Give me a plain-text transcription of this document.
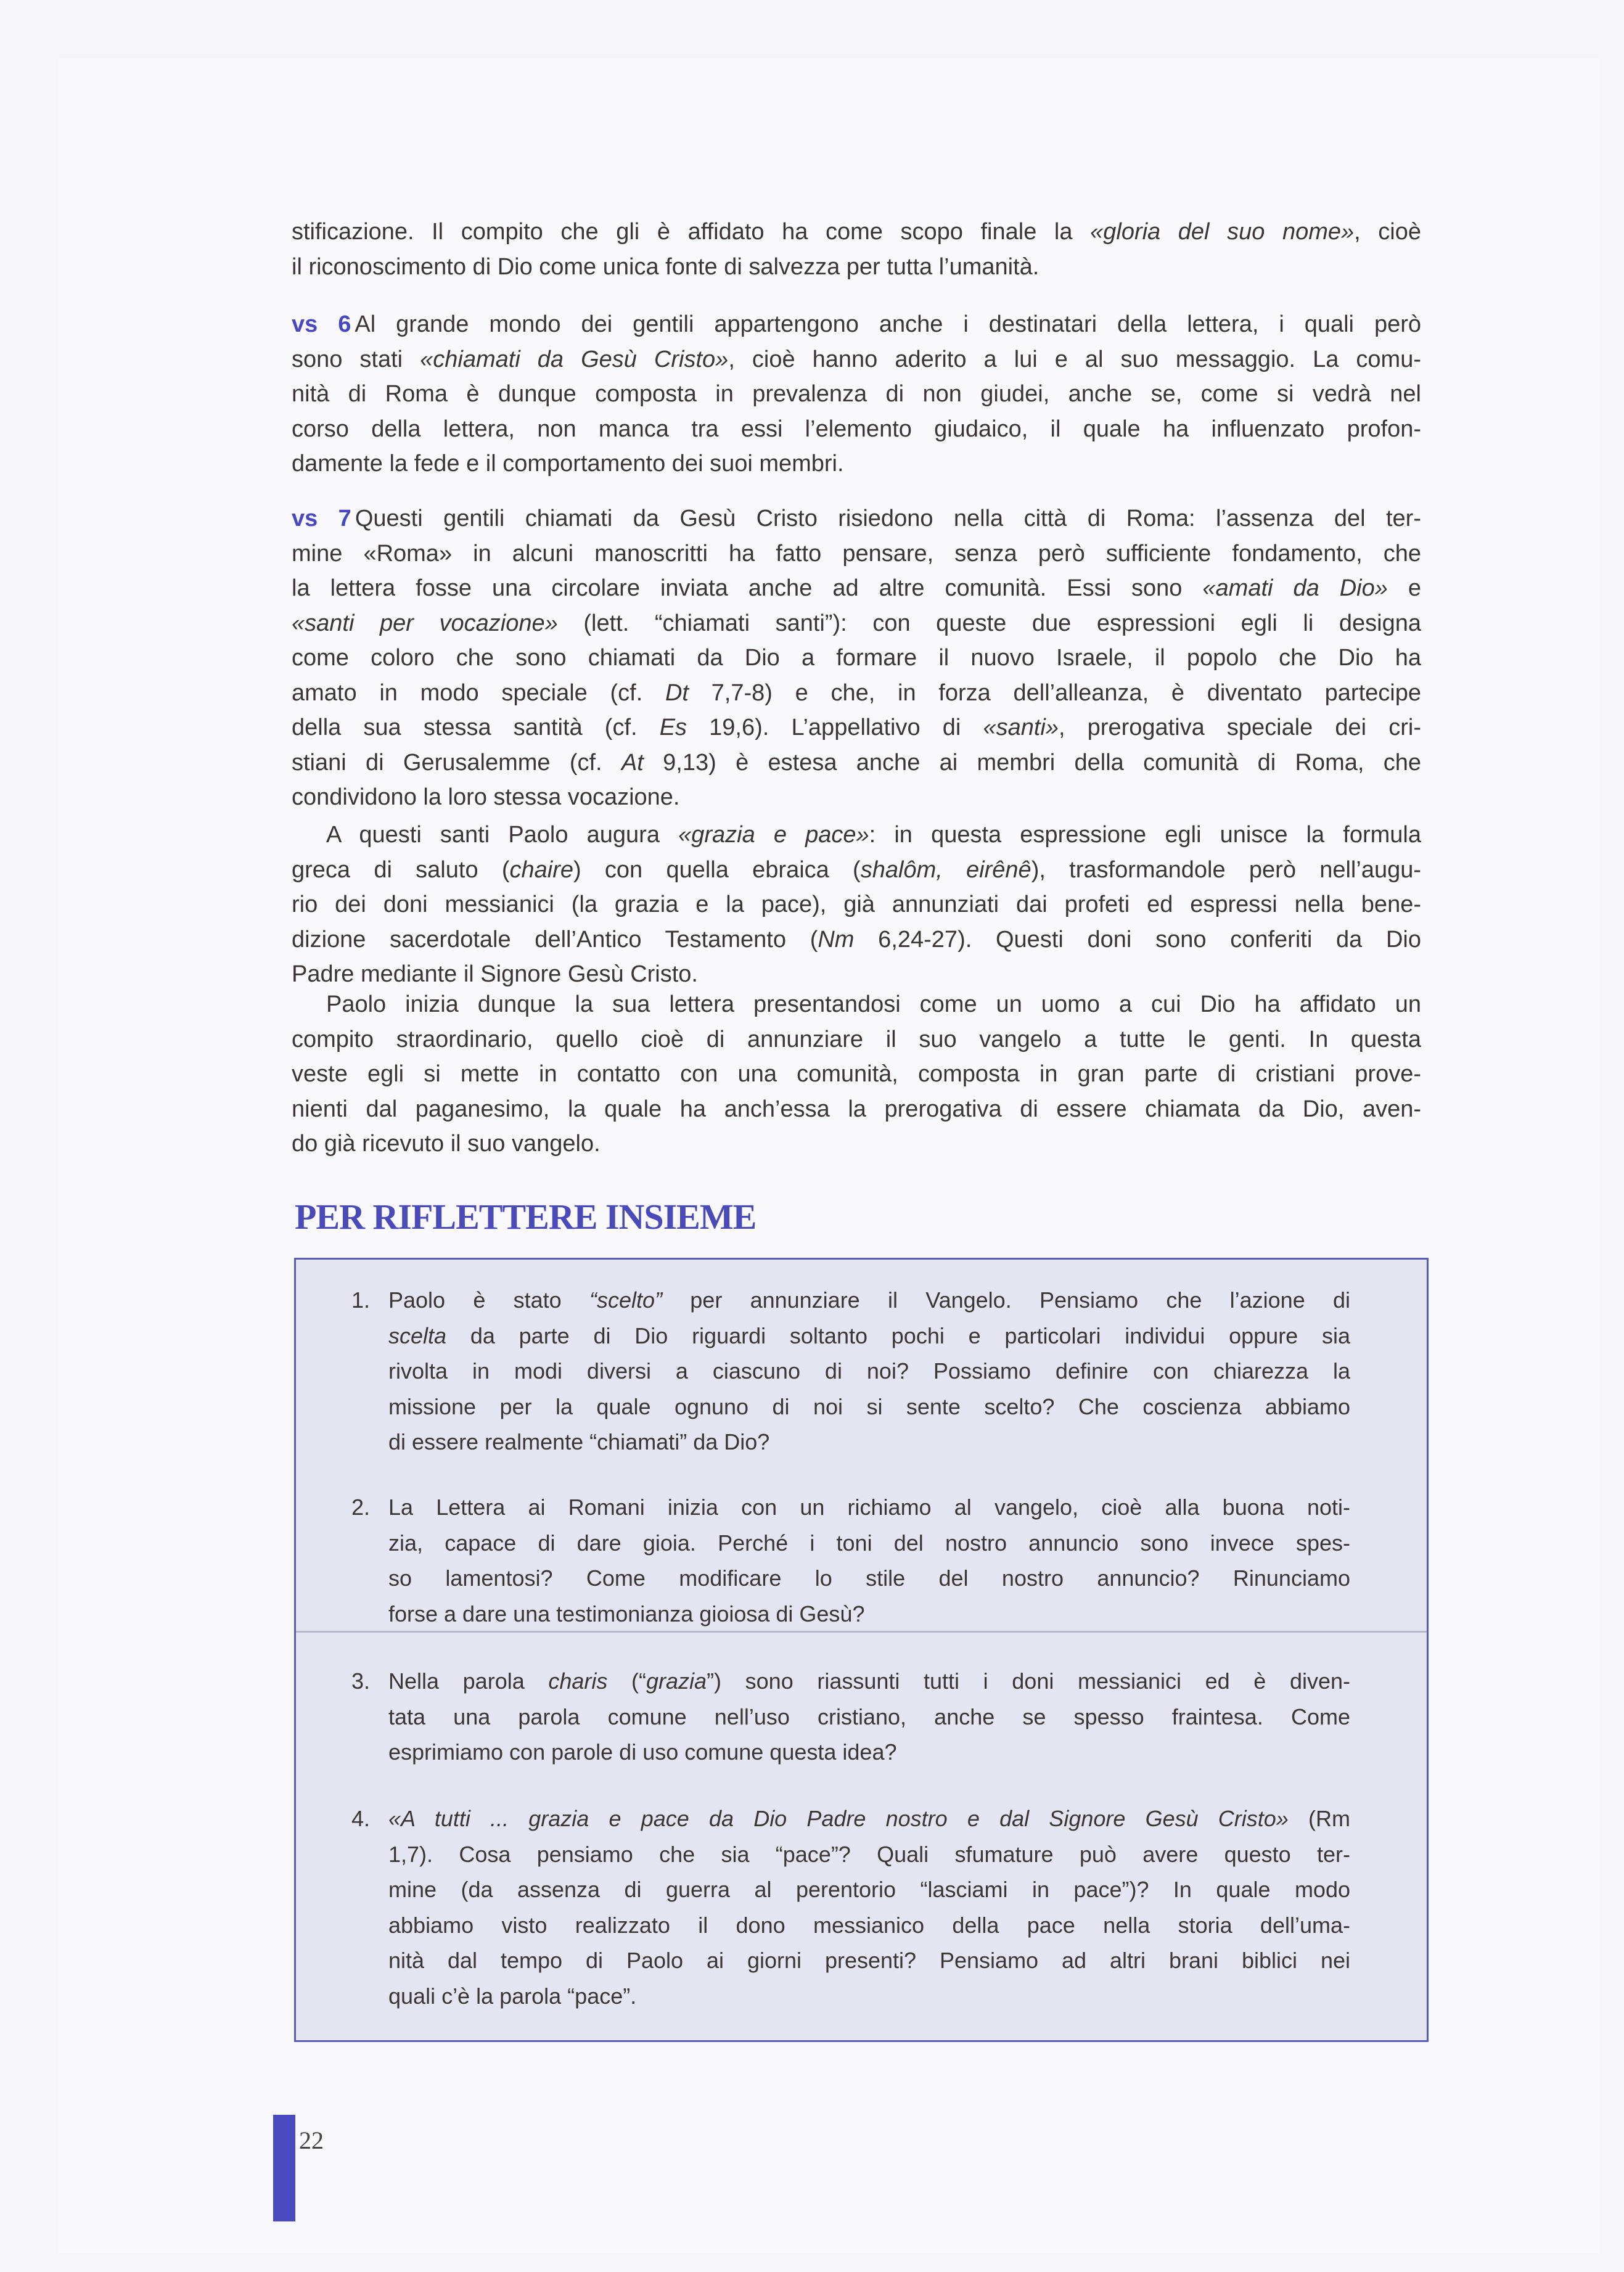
stificazione. Il compito che gli è affidato ha come scopo finale la «gloria del suo nome», cioè
il riconoscimento di Dio come unica fonte di salvezza per tutta l’umanità.
vs 6 Al grande mondo dei gentili appartengono anche i destinatari della lettera, i quali però
sono stati «chiamati da Gesù Cristo», cioè hanno aderito a lui e al suo messaggio. La comu-
nità di Roma è dunque composta in prevalenza di non giudei, anche se, come si vedrà nel
corso della lettera, non manca tra essi l’elemento giudaico, il quale ha influenzato profon-
damente la fede e il comportamento dei suoi membri.
vs 7 Questi gentili chiamati da Gesù Cristo risiedono nella città di Roma: l’assenza del ter-
mine «Roma» in alcuni manoscritti ha fatto pensare, senza però sufficiente fondamento, che
la lettera fosse una circolare inviata anche ad altre comunità. Essi sono «amati da Dio» e
«santi per vocazione» (lett. “chiamati santi”): con queste due espressioni egli li designa
come coloro che sono chiamati da Dio a formare il nuovo Israele, il popolo che Dio ha
amato in modo speciale (cf. Dt 7,7-8) e che, in forza dell’alleanza, è diventato partecipe
della sua stessa santità (cf. Es 19,6). L’appellativo di «santi», prerogativa speciale dei cri-
stiani di Gerusalemme (cf. At 9,13) è estesa anche ai membri della comunità di Roma, che
condividono la loro stessa vocazione.
A questi santi Paolo augura «grazia e pace»: in questa espressione egli unisce la formula
greca di saluto (chaire) con quella ebraica (shalôm, eirênê), trasformandole però nell’augu-
rio dei doni messianici (la grazia e la pace), già annunziati dai profeti ed espressi nella bene-
dizione sacerdotale dell’Antico Testamento (Nm 6,24-27). Questi doni sono conferiti da Dio
Padre mediante il Signore Gesù Cristo.
Paolo inizia dunque la sua lettera presentandosi come un uomo a cui Dio ha affidato un
compito straordinario, quello cioè di annunziare il suo vangelo a tutte le genti. In questa
veste egli si mette in contatto con una comunità, composta in gran parte di cristiani prove-
nienti dal paganesimo, la quale ha anch’essa la prerogativa di essere chiamata da Dio, aven-
do già ricevuto il suo vangelo.
PER RIFLETTERE INSIEME
1. Paolo è stato “scelto” per annunziare il Vangelo. Pensiamo che l’azione di
scelta da parte di Dio riguardi soltanto pochi e particolari individui oppure sia
rivolta in modi diversi a ciascuno di noi? Possiamo definire con chiarezza la
missione per la quale ognuno di noi si sente scelto? Che coscienza abbiamo
di essere realmente “chiamati” da Dio?
2. La Lettera ai Romani inizia con un richiamo al vangelo, cioè alla buona noti-
zia, capace di dare gioia. Perché i toni del nostro annuncio sono invece spes-
so lamentosi? Come modificare lo stile del nostro annuncio? Rinunciamo
forse a dare una testimonianza gioiosa di Gesù?
3. Nella parola charis (“grazia”) sono riassunti tutti i doni messianici ed è diven-
tata una parola comune nell’uso cristiano, anche se spesso fraintesa. Come
esprimiamo con parole di uso comune questa idea?
4. «A tutti ... grazia e pace da Dio Padre nostro e dal Signore Gesù Cristo» (Rm
1,7). Cosa pensiamo che sia “pace”? Quali sfumature può avere questo ter-
mine (da assenza di guerra al perentorio “lasciami in pace”)? In quale modo
abbiamo visto realizzato il dono messianico della pace nella storia dell’uma-
nità dal tempo di Paolo ai giorni presenti? Pensiamo ad altri brani biblici nei
quali c’è la parola “pace”.
22
